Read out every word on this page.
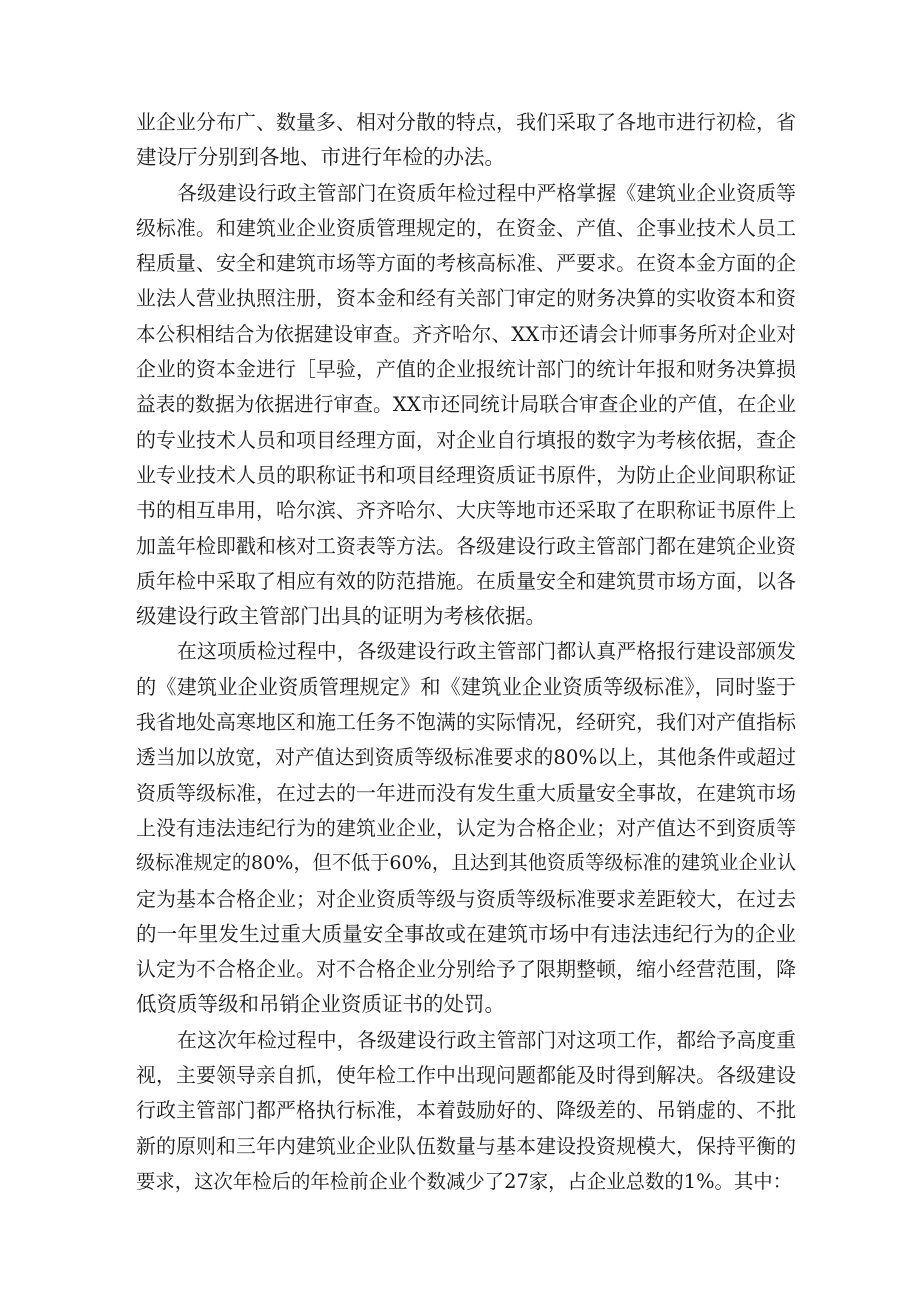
业企业分布广、数量多、相对分散的特点，我们采取了各地市进行初检，省
建设厅分别到各地、市进行年检的办法。
各级建设行政主管部门在资质年检过程中严格掌握《建筑业企业资质等
级标准。和建筑业企业资质管理规定的，在资金、产值、企事业技术人员工
程质量、安全和建筑市场等方面的考核高标准、严要求。在资本金方面的企
业法人营业执照注册，资本金和经有关部门审定的财务决算的实收资本和资
本公积相结合为依据建设审查。齐齐哈尔、XX市还请会计师事务所对企业对
企业的资本金进行［早验，产值的企业报统计部门的统计年报和财务决算损
益表的数据为依据进行审查。XX市还同统计局联合审查企业的产值，在企业
的专业技术人员和项目经理方面，对企业自行填报的数字为考核依据，查企
业专业技术人员的职称证书和项目经理资质证书原件，为防止企业间职称证
书的相互串用，哈尔滨、齐齐哈尔、大庆等地市还采取了在职称证书原件上
加盖年检即戳和核对工资表等方法。各级建设行政主管部门都在建筑企业资
质年检中采取了相应有效的防范措施。在质量安全和建筑贯市场方面，以各
级建设行政主管部门出具的证明为考核依据。
在这项质检过程中，各级建设行政主管部门都认真严格报行建设部颁发
的《建筑业企业资质管理规定》和《建筑业企业资质等级标准》，同时鉴于
我省地处高寒地区和施工任务不饱满的实际情况，经研究，我们对产值指标
透当加以放宽，对产值达到资质等级标准要求的80%以上，其他条件或超过
资质等级标准，在过去的一年进而没有发生重大质量安全事故，在建筑市场
上没有违法违纪行为的建筑业企业，认定为合格企业；对产值达不到资质等
级标准规定的80%，但不低于60%，且达到其他资质等级标准的建筑业企业认
定为基本合格企业；对企业资质等级与资质等级标准要求差距较大，在过去
的一年里发生过重大质量安全事故或在建筑市场中有违法违纪行为的企业
认定为不合格企业。对不合格企业分别给予了限期整顿，缩小经营范围，降
低资质等级和吊销企业资质证书的处罚。
在这次年检过程中，各级建设行政主管部门对这项工作，都给予高度重
视，主要领导亲自抓，使年检工作中出现问题都能及时得到解决。各级建设
行政主管部门都严格执行标准，本着鼓励好的、降级差的、吊销虚的、不批
新的原则和三年内建筑业企业队伍数量与基本建设投资规模大，保持平衡的
要求，这次年检后的年检前企业个数减少了27家，占企业总数的1%。其中：
